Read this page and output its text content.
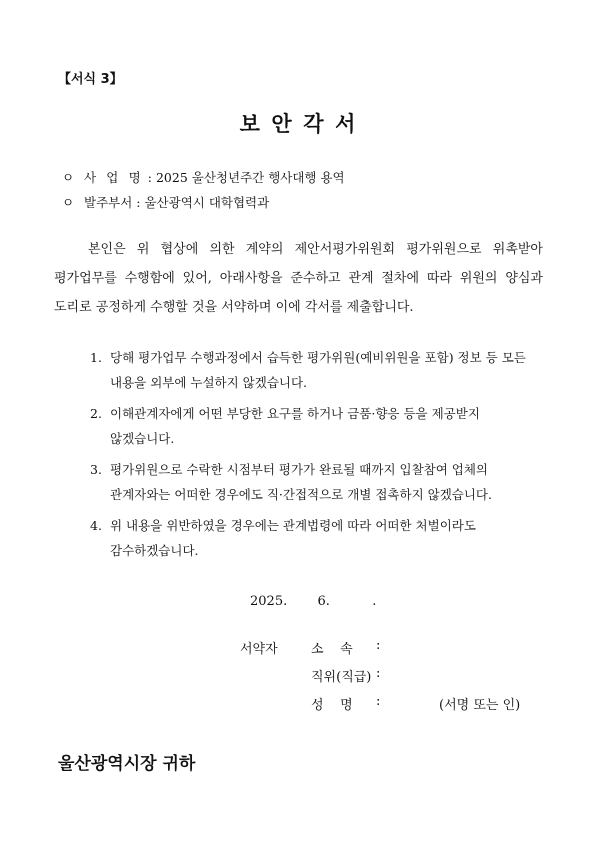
【서식 3】
보안각서
ㅇ 사 업 명 : 2025 울산청년주간 행사대행 용역
ㅇ 발주부서 : 울산광역시 대학협력과
본인은 위 협상에 의한 계약의 제안서평가위원회 평가위원으로 위촉받아 평가업무를 수행함에 있어, 아래사항을 준수하고 관계 절차에 따라 위원의 양심과 도리로 공정하게 수행할 것을 서약하며 이에 각서를 제출합니다.
1. 당해 평가업무 수행과정에서 습득한 평가위원(예비위원을 포함) 정보 등 모든 내용을 외부에 누설하지 않겠습니다.
2. 이해관계자에게 어떤 부당한 요구를 하거나 금품·향응 등을 제공받지 않겠습니다.
3. 평가위원으로 수락한 시점부터 평가가 완료될 때까지 입찰참여 업체의 관계자와는 어떠한 경우에도 직·간접적으로 개별 접촉하지 않겠습니다.
4. 위 내용을 위반하였을 경우에는 관계법령에 따라 어떠한 처벌이라도 감수하겠습니다.
2025. 6.	.
서약자	소    속 :
직위(직급) :
성    명 :	(서명 또는 인)
울산광역시장 귀하
